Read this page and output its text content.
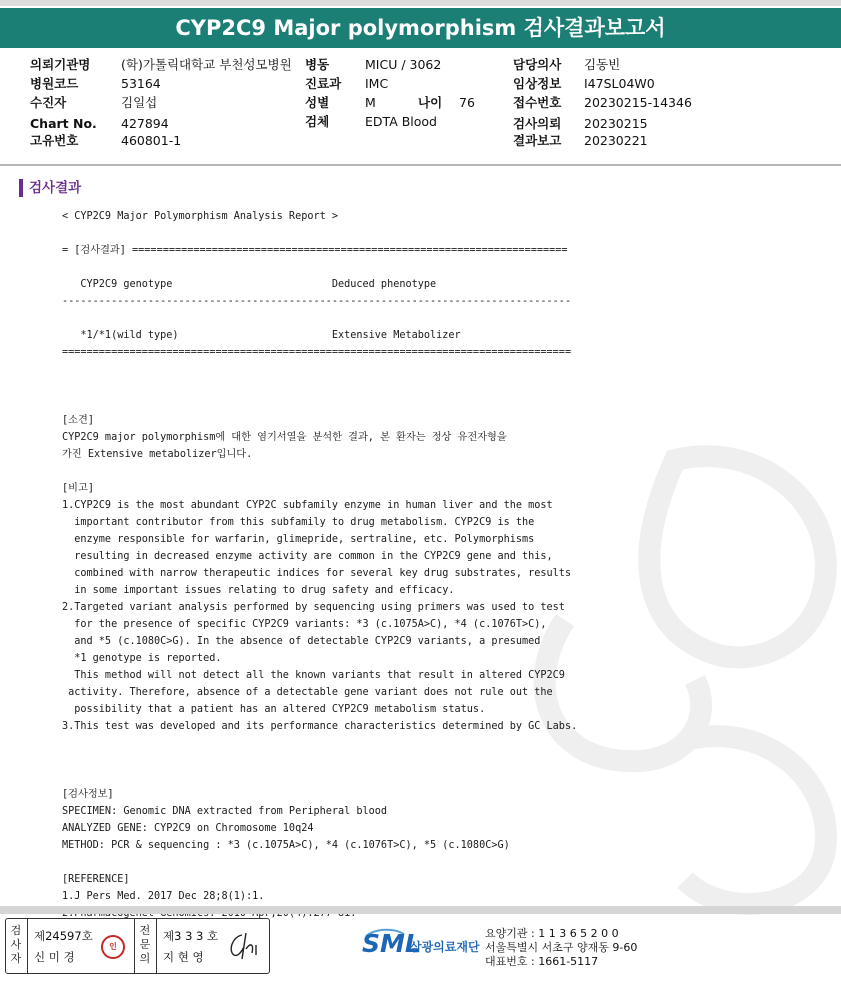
CYP2C9 Major polymorphism 검사결과보고서
의뢰기관명 (학)가톨릭대학교 부천성모병원
병원코드	53164
수진자	김일섭
Chart No. 427894
고유번호	460801-1
병동	MICU / 3062
진료과 IMC
성별	M	나이 76
검체	EDTA Blood
담당의사 김동빈
임상정보 I47SL04W0
접수번호 20230215-14346
검사의뢰 20230215
결과보고 20230221
검사결과
< CYP2C9 Major Polymorphism Analysis Report >
= [검사결과] =======================================================================
CYP2C9 genotype                          Deduced phenotype
-----------------------------------------------------------------------------------
*1/*1(wild type)                         Extensive Metabolizer
===================================================================================
[소견]
CYP2C9 major polymorphism에 대한 염기서열을 분석한 결과, 본 환자는 정상 유전자형을
가진 Extensive metabolizer입니다.
[비고]
1.CYP2C9 is the most abundant CYP2C subfamily enzyme in human liver and the most
important contributor from this subfamily to drug metabolism. CYP2C9 is the
enzyme responsible for warfarin, glimepride, sertraline, etc. Polymorphisms
resulting in decreased enzyme activity are common in the CYP2C9 gene and this,
combined with narrow therapeutic indices for several key drug substrates, results
in some important issues relating to drug safety and efficacy.
2.Targeted variant analysis performed by sequencing using primers was used to test
for the presence of specific CYP2C9 variants: *3 (c.1075A>C), *4 (c.1076T>C),
and *5 (c.1080C>G). In the absence of detectable CYP2C9 variants, a presumed
*1 genotype is reported.
This method will not detect all the known variants that result in altered CYP2C9
activity. Therefore, absence of a detectable gene variant does not rule out the
possibility that a patient has an altered CYP2C9 metabolism status.
3.This test was developed and its performance characteristics determined by GC Labs.
[검사정보]
SPECIMEN: Genomic DNA extracted from Peripheral blood
ANALYZED GENE: CYP2C9 on Chromosome 10q24
METHOD: PCR & sequencing : *3 (c.1075A>C), *4 (c.1076T>C), *5 (c.1080C>G)
[REFERENCE]
1.J Pers Med. 2017 Dec 28;8(1):1.
검
사
자
제24597호
신 미 경
인
전
문
의
제3 3 3 호
지 현 영	SML
삼광의료재단
요양기관 : 1 1 3 6 5 2 0 0
서울특별시 서초구 양재동 9-60
대표번호 : 1661-5117
